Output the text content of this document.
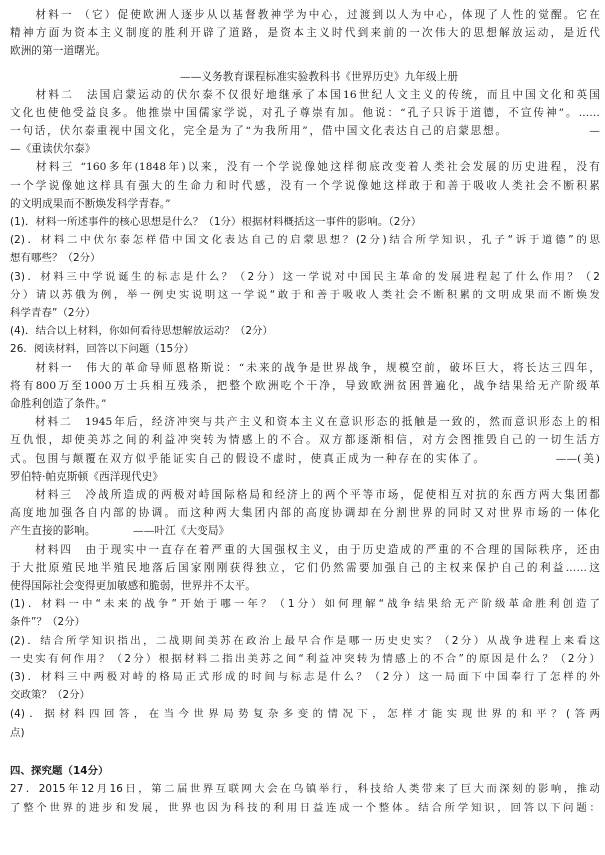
　　材料一 （它）促使欧洲人逐步从以基督教神学为中心，过渡到以人为中心，体现了人性的觉醒。它在
精神方面为资本主义制度的胜利开辟了道路，是资本主义时代到来前的一次伟大的思想解放运动，是近代
欧洲的第一道曙光。
——义务教育课程标准实验教科书《世界历史》九年级上册
　　材料二　法国启蒙运动的伏尔泰不仅很好地继承了本国16世纪人文主义的传统，而且中国文化和英国
文化也使他受益良多。他推崇中国儒家学说，对孔子尊崇有加。他说：“孔子只诉于道德，不宣传神”。……
一句话，伏尔泰重视中国文化，完全是为了“为我所用”，借中国文化表达自己的启蒙思想。　　　　　　　—
—《重读伏尔泰》
　　材料三 “160多年(1848年)以来，没有一个学说像她这样彻底改变着人类社会发展的历史进程，没有
一个学说像她这样具有强大的生命力和时代感，没有一个学说像她这样敢于和善于吸收人类社会不断积累
的文明成果而不断焕发科学青春。”
(1)．材料一所述事件的核心思想是什么？（1分）根据材料概括这一事件的影响。（2分）
(2)．材料二中伏尔泰怎样借中国文化表达自己的启蒙思想？(2分)结合所学知识，孔子“诉于道德”的思
想有哪些？（2分）
(3)．材料三中学说诞生的标志是什么？（2分）这一学说对中国民主革命的发展进程起了什么作用？（2
分）请以苏俄为例，举一例史实说明这一学说“敢于和善于吸收人类社会不断积累的文明成果而不断焕发
科学青春”（2分）
(4)．结合以上材料，你如何看待思想解放运动？（2分）
26．阅读材料，回答以下问题（15分）
　　材料一　伟大的革命导师恩格斯说：“未来的战争是世界战争，规模空前，破坏巨大，将长达三四年，
将有800万至1000万士兵相互残杀，把整个欧洲吃个干净，导致欧洲贫困普遍化，战争结果给无产阶级革
命胜利创造了条件。”
　　材料二　1945年后，经济冲突与共产主义和资本主义在意识形态的抵触是一致的，然而意识形态上的相
互仇恨，却使美苏之间的利益冲突转为情感上的不合。双方都逐渐相信，对方会图推毁自己的一切生活方
式。包围与颠覆在双方似乎能证实自己的假设不虚时，使真正成为一种存在的实体了。　　　　　　——(美)
罗伯特·帕克斯顿《西洋现代史》
　　材料三　冷战所造成的两极对峙国际格局和经济上的两个平等市场，促使相互对抗的东西方两大集团都
高度地加强各自内部的协调。而这种两大集团内部的高度协调却在分割世界的同时又对世界市场的一体化
产生直接的影响。　　　　——叶江《大变局》
　　材料四　由于现实中一直存在着严重的大国强权主义，由于历史造成的严重的不合理的国际秩序，还由
于大批原殖民地半殖民地落后国家刚刚获得独立，它们仍然需要加强自己的主权来保护自己的利益……这
使得国际社会变得更加敏感和脆弱，世界并不太平。
(1)．材料一中“未来的战争”开始于哪一年？（1分）如何理解“战争结果给无产阶级革命胜利创造了
条件”？（2分）
(2)．结合所学知识指出，二战期间美苏在政治上最早合作是哪一历史史实？（2分）从战争进程上来看这
一史实有何作用？（2分）根据材料二指出美苏之间“利益冲突转为情感上的不合”的原因是什么？（2分）
(3)．材料三中两极对峙的格局正式形成的时间与标志是什么？（2分）这一局面下中国奉行了怎样的外
交政策？（2分）
(4)．据材料四回答，在当今世界局势复杂多变的情况下，怎样才能实现世界的和平？(答两
点)
四、探究题（14分）
27．2015年12月16日，第二届世界互联网大会在乌镇举行，科技给人类带来了巨大而深刻的影响，推动
了整个世界的进步和发展，世界也因为科技的利用日益连成一个整体。结合所学知识，回答以下问题：
